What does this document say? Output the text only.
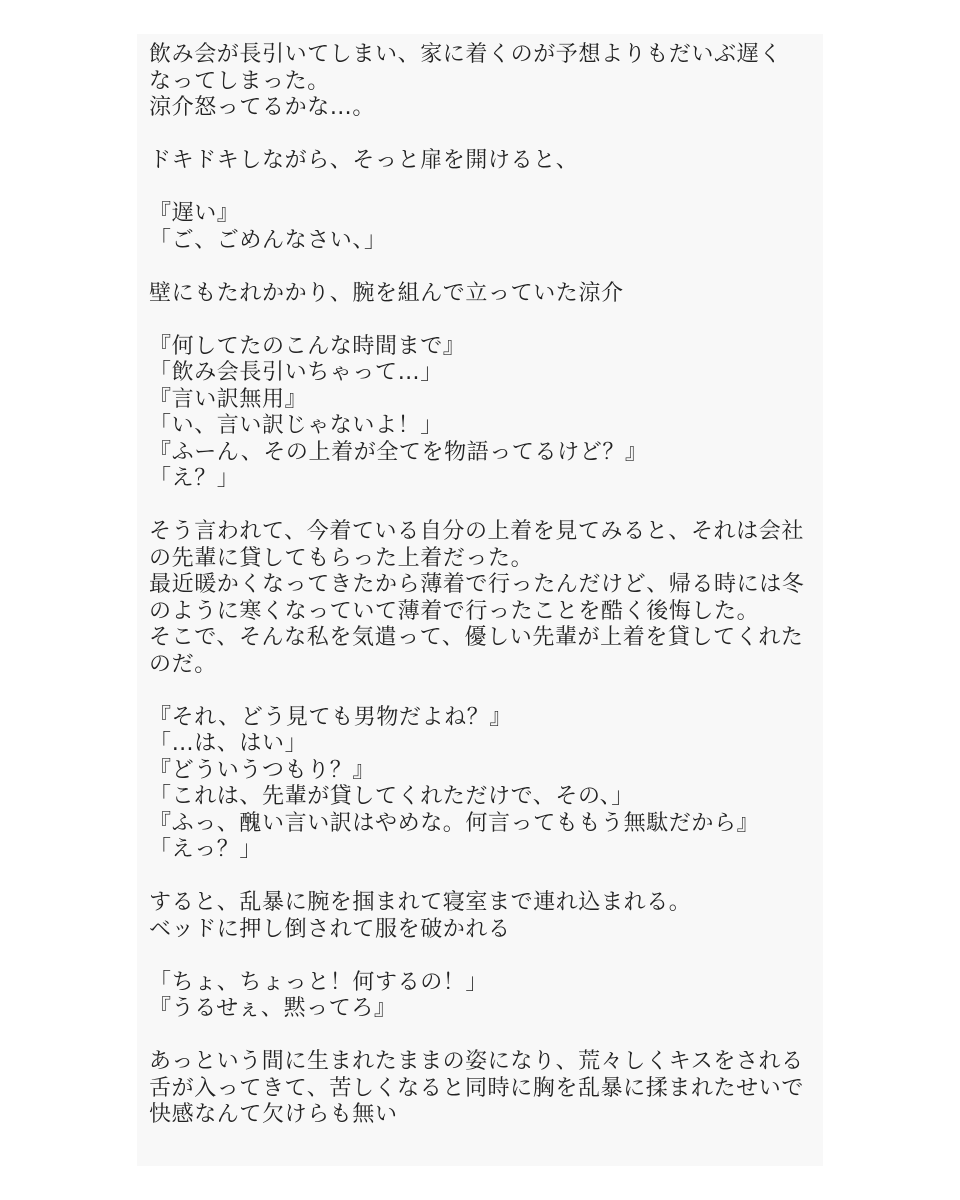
飲み会が長引いてしまい、家に着くのが予想よりもだいぶ遅く
なってしまった。
涼介怒ってるかな…。
ドキドキしながら、そっと扉を開けると、
『遅い』
「ご、ごめんなさい、」
壁にもたれかかり、腕を組んで立っていた涼介
『何してたのこんな時間まで』
「飲み会長引いちゃって…」
『言い訳無用』
「い、言い訳じゃないよ！」
『ふーん、その上着が全てを物語ってるけど？』
「え？」
そう言われて、今着ている自分の上着を見てみると、それは会社
の先輩に貸してもらった上着だった。
最近暖かくなってきたから薄着で行ったんだけど、帰る時には冬
のように寒くなっていて薄着で行ったことを酷く後悔した。
そこで、そんな私を気遣って、優しい先輩が上着を貸してくれた
のだ。
『それ、どう見ても男物だよね？』
「…は、はい」
『どういうつもり？』
「これは、先輩が貸してくれただけで、その、」
『ふっ、醜い言い訳はやめな。何言ってももう無駄だから』
「えっ？」
すると、乱暴に腕を掴まれて寝室まで連れ込まれる。
ベッドに押し倒されて服を破かれる
「ちょ、ちょっと！何するの！」
『うるせぇ、黙ってろ』
あっという間に生まれたままの姿になり、荒々しくキスをされる
舌が入ってきて、苦しくなると同時に胸を乱暴に揉まれたせいで
快感なんて欠けらも無い
